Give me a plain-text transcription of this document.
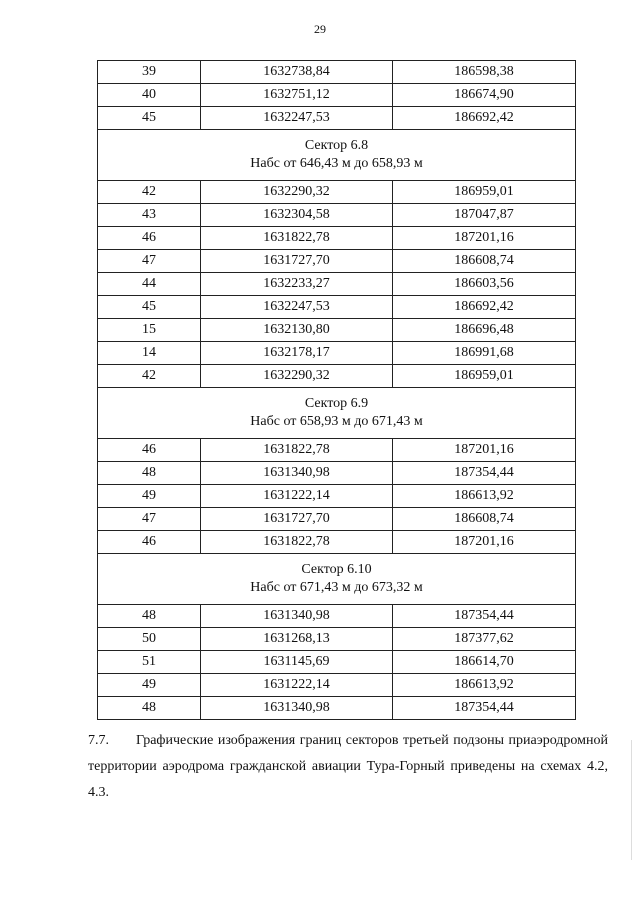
29
39	1632738,84	186598,38
40	1632751,12	186674,90
45	1632247,53	186692,42

Сектор 6.8
Набс от 646,43 м до 658,93 м		

42	1632290,32	186959,01
43	1632304,58	187047,87
46	1631822,78	187201,16
47	1631727,70	186608,74
44	1632233,27	186603,56
45	1632247,53	186692,42
15	1632130,80	186696,48
14	1632178,17	186991,68
42	1632290,32	186959,01

Сектор 6.9
Набс от 658,93 м до 671,43 м		

46	1631822,78	187201,16
48	1631340,98	187354,44
49	1631222,14	186613,92
47	1631727,70	186608,74
46	1631822,78	187201,16

Сектор 6.10
Набс от 671,43 м до 673,32 м		

48	1631340,98	187354,44
50	1631268,13	187377,62
51	1631145,69	186614,70
49	1631222,14	186613,92
48	1631340,98	187354,44
7.7. Графические изображения границ секторов третьей подзоны приаэродромной территории аэродрома гражданской авиации Тура-Горный приведены на схемах 4.2, 4.3.
